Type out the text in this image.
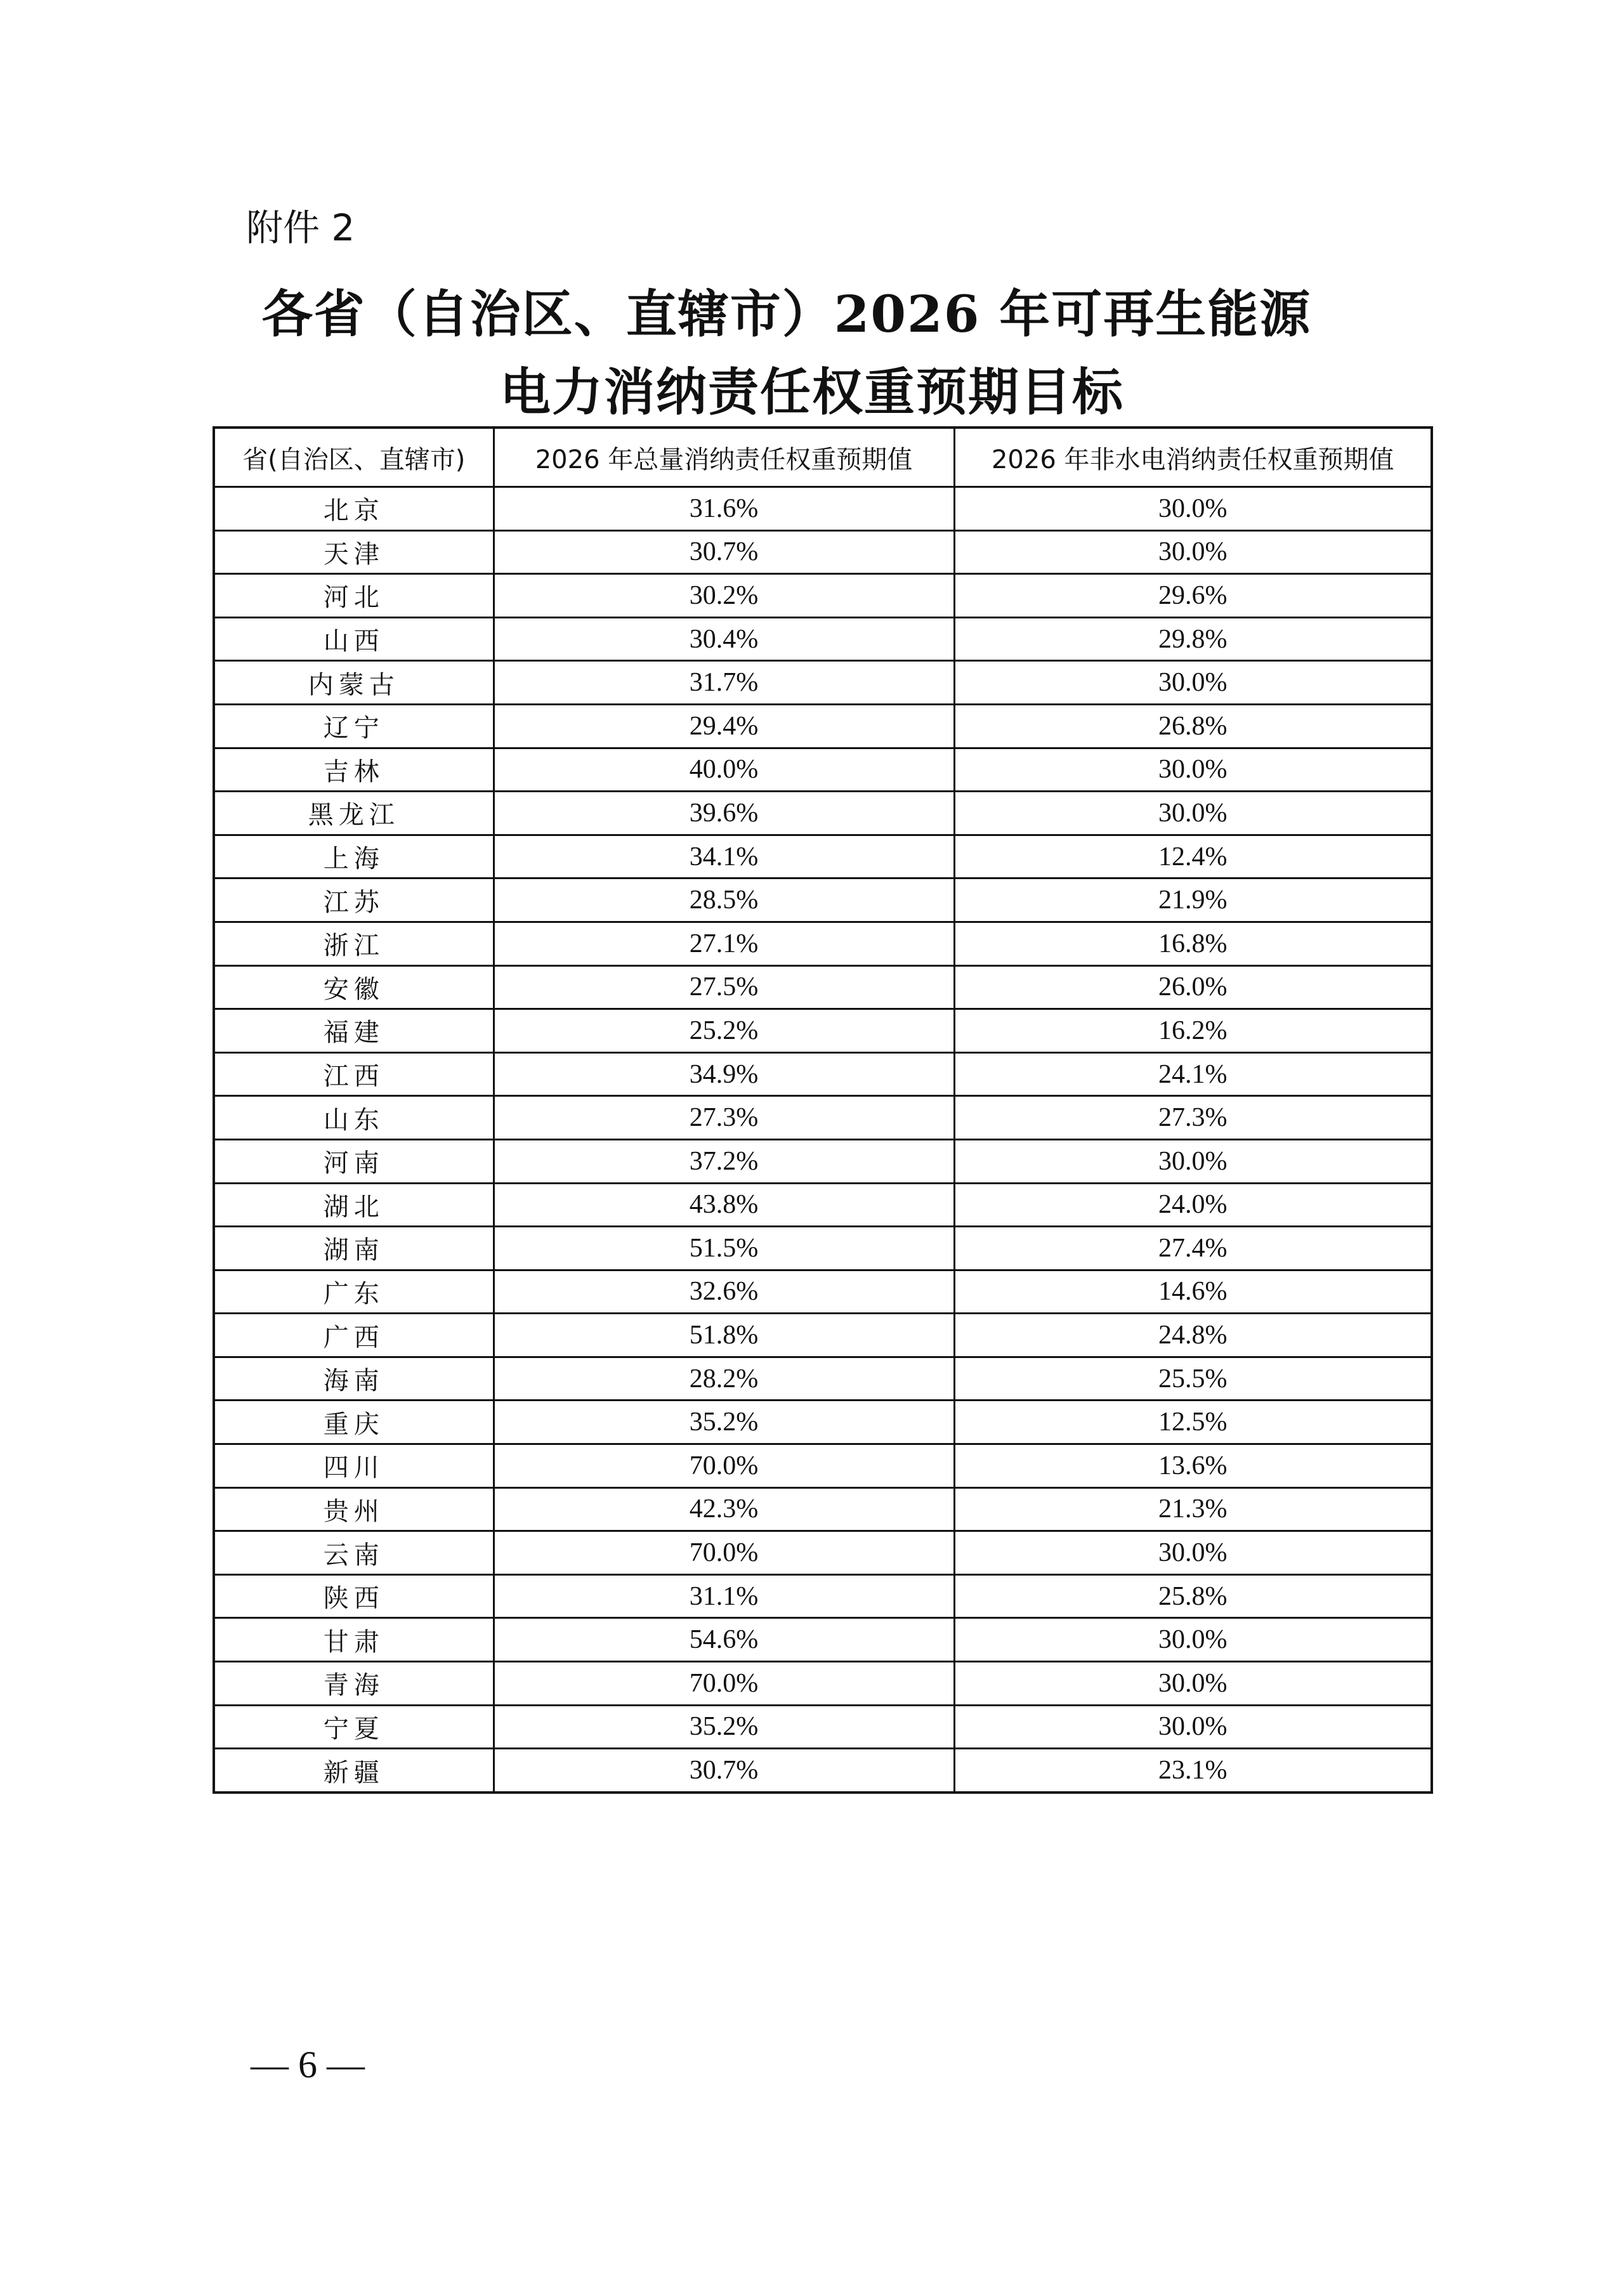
附件 2
各省（自治区、直辖市）2026 年可再生能源
电力消纳责任权重预期目标
省(自治区、直辖市)	2026 年总量消纳责任权重预期值	2026 年非水电消纳责任权重预期值
北京	31.6%	30.0%
天津	30.7%	30.0%
河北	30.2%	29.6%
山西	30.4%	29.8%
内蒙古	31.7%	30.0%
辽宁	29.4%	26.8%
吉林	40.0%	30.0%
黑龙江	39.6%	30.0%
上海	34.1%	12.4%
江苏	28.5%	21.9%
浙江	27.1%	16.8%
安徽	27.5%	26.0%
福建	25.2%	16.2%
江西	34.9%	24.1%
山东	27.3%	27.3%
河南	37.2%	30.0%
湖北	43.8%	24.0%
湖南	51.5%	27.4%
广东	32.6%	14.6%
广西	51.8%	24.8%
海南	28.2%	25.5%
重庆	35.2%	12.5%
四川	70.0%	13.6%
贵州	42.3%	21.3%
云南	70.0%	30.0%
陕西	31.1%	25.8%
甘肃	54.6%	30.0%
青海	70.0%	30.0%
宁夏	35.2%	30.0%
新疆	30.7%	23.1%
— 6 —
